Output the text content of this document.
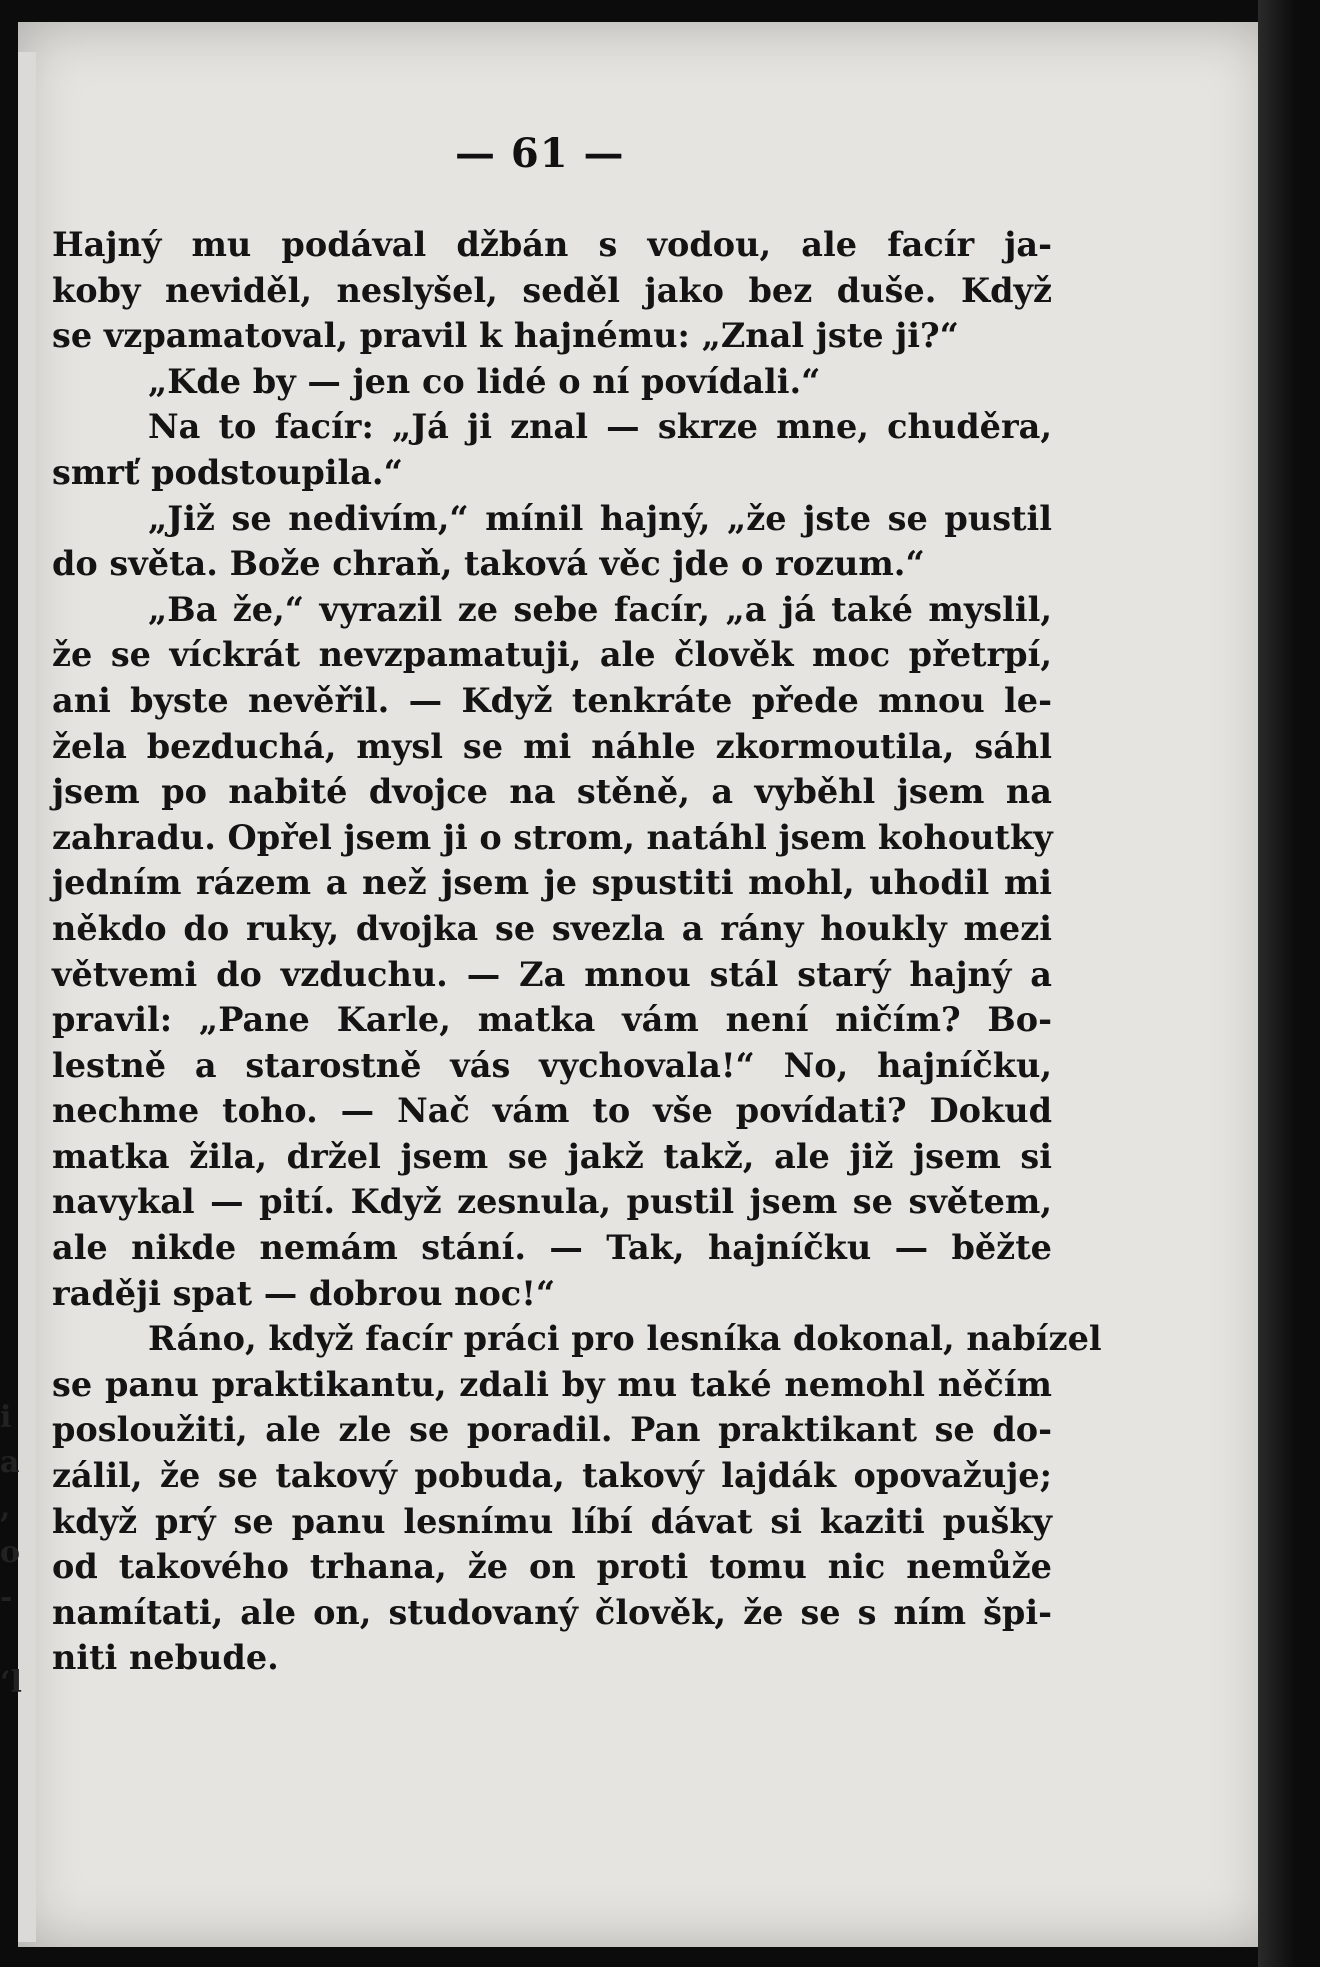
— 61 —
Hajný mu podával džbán s vodou, ale facír ja-
koby neviděl, neslyšel, seděl jako bez duše. Když
se vzpamatoval, pravil k hajnému: „Znal jste ji?“
„Kde by — jen co lidé o ní povídali.“
Na to facír: „Já ji znal — skrze mne, chuděra,
smrť podstoupila.“
„Již se nedivím,“ mínil hajný, „že jste se pustil
do světa. Bože chraň, taková věc jde o rozum.“
„Ba že,“ vyrazil ze sebe facír, „a já také myslil,
že se víckrát nevzpamatuji, ale člověk moc přetrpí,
ani byste nevěřil. — Když tenkráte přede mnou le-
žela bezduchá, mysl se mi náhle zkormoutila, sáhl
jsem po nabité dvojce na stěně, a vyběhl jsem na
zahradu. Opřel jsem ji o strom, natáhl jsem kohoutky
jedním rázem a než jsem je spustiti mohl, uhodil mi
někdo do ruky, dvojka se svezla a rány houkly mezi
větvemi do vzduchu. — Za mnou stál starý hajný a
pravil: „Pane Karle, matka vám není ničím? Bo-
lestně a starostně vás vychovala!“ No, hajníčku,
nechme toho. — Nač vám to vše povídati? Dokud
matka žila, držel jsem se jakž takž, ale již jsem si
navykal — pití. Když zesnula, pustil jsem se světem,
ale nikde nemám stání. — Tak, hajníčku — běžte
raději spat — dobrou noc!“
Ráno, když facír práci pro lesníka dokonal, nabízel
se panu praktikantu, zdali by mu také nemohl něčím
posloužiti, ale zle se poradil. Pan praktikant se do-
zálil, že se takový pobuda, takový lajdák opovažuje;
když prý se panu lesnímu líbí dávat si kaziti pušky
od takového trhana, že on proti tomu nic nemůže
namítati, ale on, studovaný člověk, že se s ním špi-
niti nebude.
i
a
,
o
-
‘l
